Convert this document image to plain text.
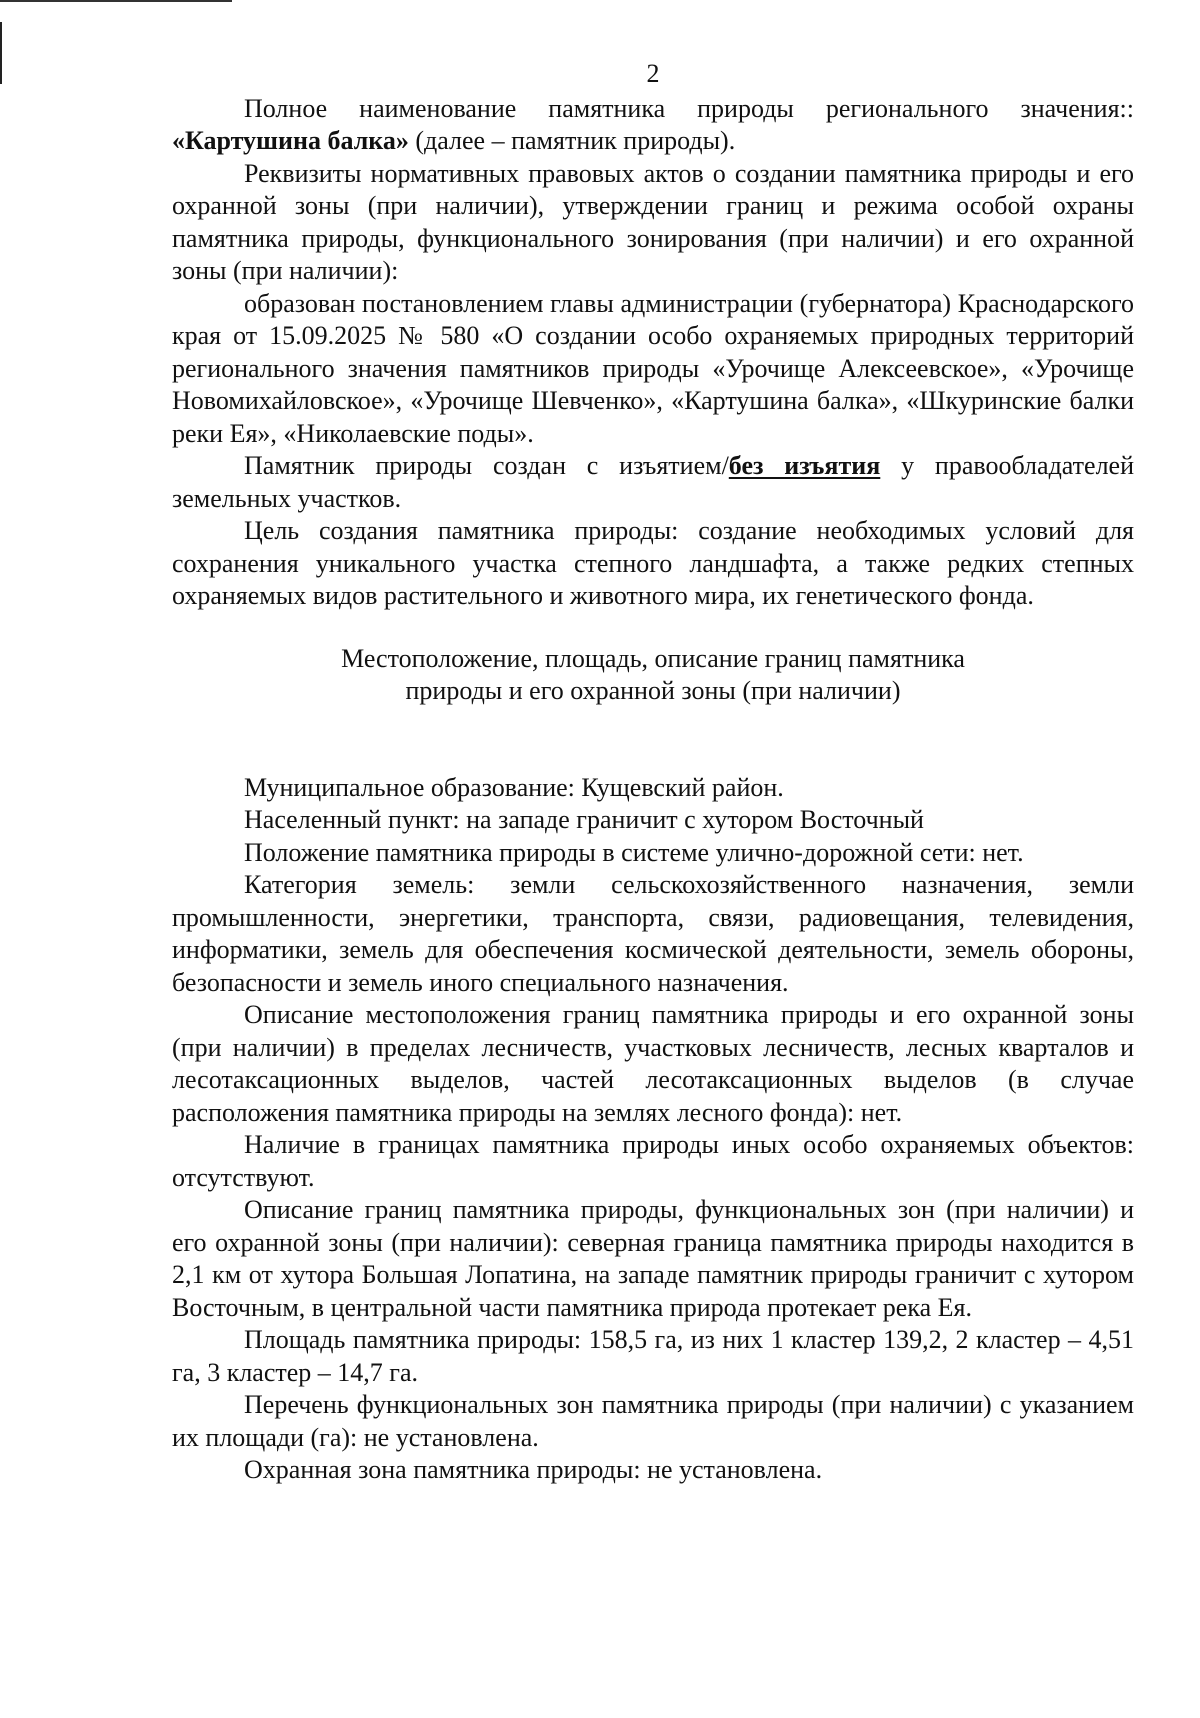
2

Полное наименование памятника природы регионального значения:: «Картушина балка» (далее – памятник природы).

Реквизиты нормативных правовых актов о создании памятника природы и его охранной зоны (при наличии), утверждении границ и режима особой охраны памятника природы, функционального зонирования (при наличии) и его охранной зоны (при наличии):

образован постановлением главы администрации (губернатора) Краснодарского края от 15.09.2025 № 580 «О создании особо охраняемых природных территорий регионального значения памятников природы «Урочище Алексеевское», «Урочище Новомихайловское», «Урочище Шевченко», «Картушина балка», «Шкуринские балки реки Ея», «Николаевские поды».

Памятник природы создан с изъятием/без изъятия у правообладателей земельных участков.

Цель создания памятника природы: создание необходимых условий для сохранения уникального участка степного ландшафта, а также редких степных охраняемых видов растительного и животного мира, их генетического фонда.

Местоположение, площадь, описание границ памятника
природы и его охранной зоны (при наличии)

Муниципальное образование: Кущевский район.

Населенный пункт: на западе граничит с хутором Восточный

Положение памятника природы в системе улично-дорожной сети: нет.

Категория земель: земли сельскохозяйственного назначения, земли промышленности, энергетики, транспорта, связи, радиовещания, телевидения, информатики, земель для обеспечения космической деятельности, земель обороны, безопасности и земель иного специального назначения.

Описание местоположения границ памятника природы и его охранной зоны (при наличии) в пределах лесничеств, участковых лесничеств, лесных кварталов и лесотаксационных выделов, частей лесотаксационных выделов (в случае расположения памятника природы на землях лесного фонда): нет.

Наличие в границах памятника природы иных особо охраняемых объектов: отсутствуют.

Описание границ памятника природы, функциональных зон (при наличии) и его охранной зоны (при наличии): северная граница памятника природы находится в 2,1 км от хутора Большая Лопатина, на западе памятник природы граничит с хутором Восточным, в центральной части памятника природа протекает река Ея.

Площадь памятника природы: 158,5 га, из них 1 кластер 139,2, 2 кластер – 4,51 га, 3 кластер – 14,7 га.

Перечень функциональных зон памятника природы (при наличии) с указанием их площади (га): не установлена.

Охранная зона памятника природы: не установлена.
